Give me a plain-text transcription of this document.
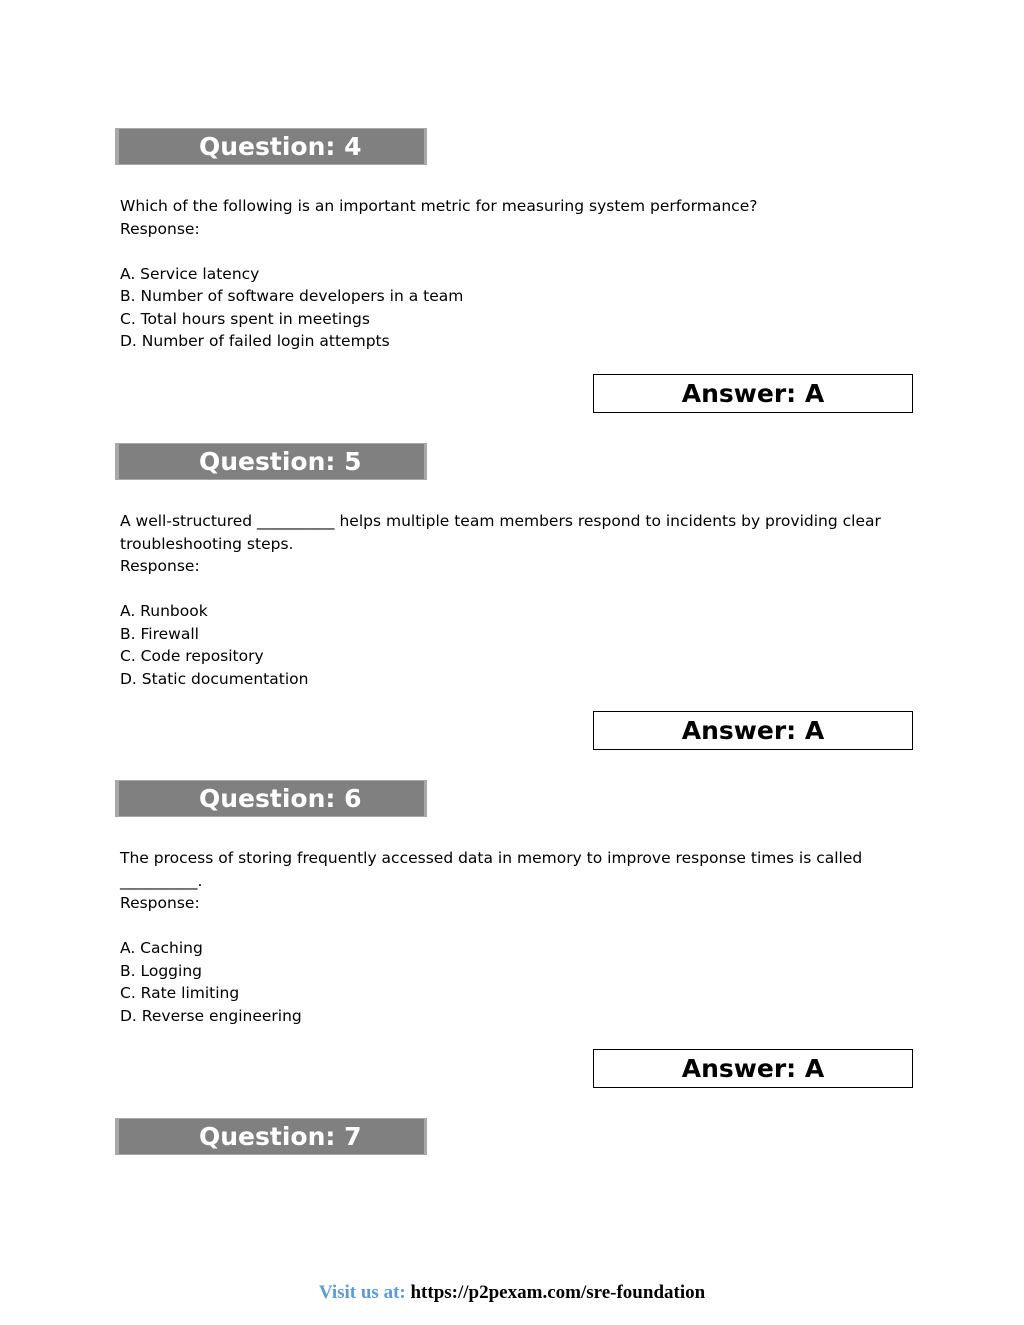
Question: 4
Which of the following is an important metric for measuring system performance?
Response:
A. Service latency
B. Number of software developers in a team
C. Total hours spent in meetings
D. Number of failed login attempts
Answer: A
Question: 5
A well-structured __________ helps multiple team members respond to incidents by providing clear
troubleshooting steps.
Response:
A. Runbook
B. Firewall
C. Code repository
D. Static documentation
Answer: A
Question: 6
The process of storing frequently accessed data in memory to improve response times is called
__________.
Response:
A. Caching
B. Logging
C. Rate limiting
D. Reverse engineering
Answer: A
Question: 7
Visit us at: https://p2pexam.com/sre-foundation
